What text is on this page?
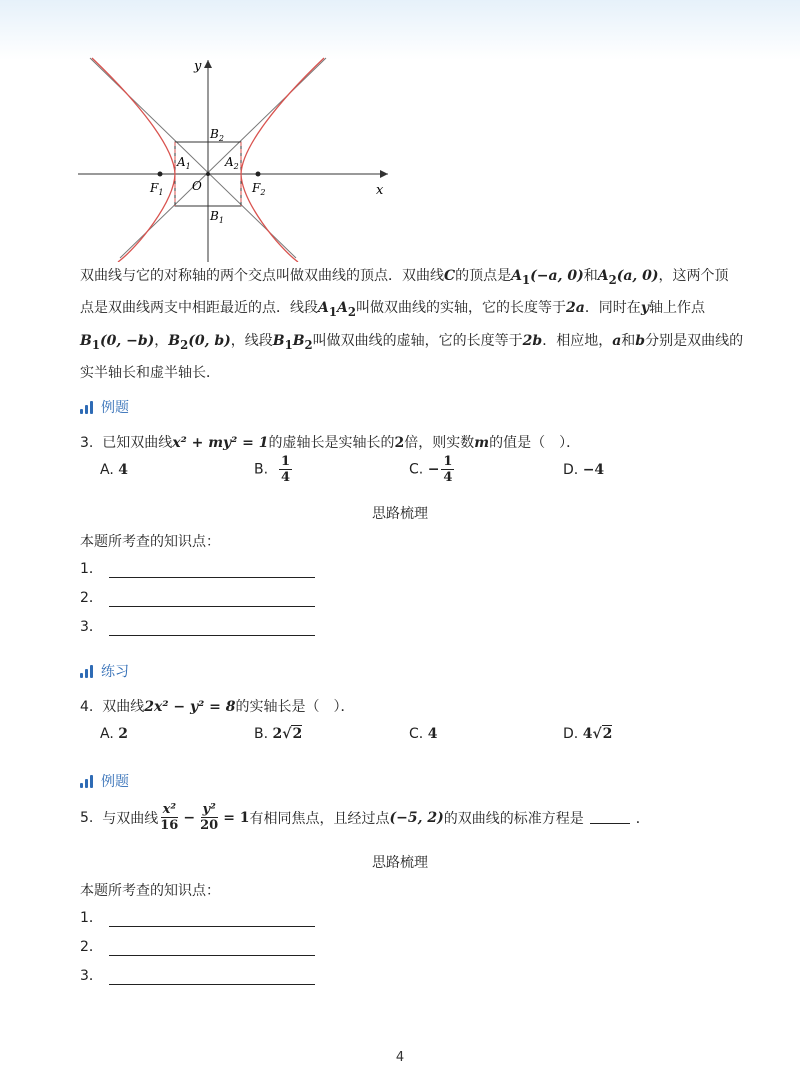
y
x
$B_2$
$A_1$	$A_2$
O
$F_1$	$F_2$
$B_1$
双曲线与它的对称轴的两个交点叫做双曲线的顶点．双曲线C的顶点是$A_1(-a$, 0)和$A_2(a$, 0)，这两个顶
点是双曲线两支中相距最近的点．线段$A_1A_2$叫做双曲线的实轴，它的长度等于2a．同时在y轴上作点
$B_1(0$, −b)，$B_2(0$, b)，线段$B_1B_2$叫做双曲线的虚轴，它的长度等于2b．相应地，a和b分别是双曲线的
实半轴长和虚半轴长．
例题
3. 已知双曲线x² + my² = 1的虚轴长是实轴长的2倍，则实数m的值是（　）．
A. 4	B. $\frac{1}{4}$	C. − $\frac{1}{4}$	D. −4
思路梳理
本题所考查的知识点：
1．
2．
3．
练习
4. 双曲线2x² − y² = 8的实轴长是（　）．
A. 2	B. 2√2	C. 4	D. 4√2
例题
5.
与双曲线 $\frac{\text{x²}}{16} - \frac{\text{y²}}{20} = 1$ 有相同焦点，且经过点 (−5, 2) 的双曲线的标准方程是	．
思路梳理
本题所考查的知识点：
1．
2．
3．
4
